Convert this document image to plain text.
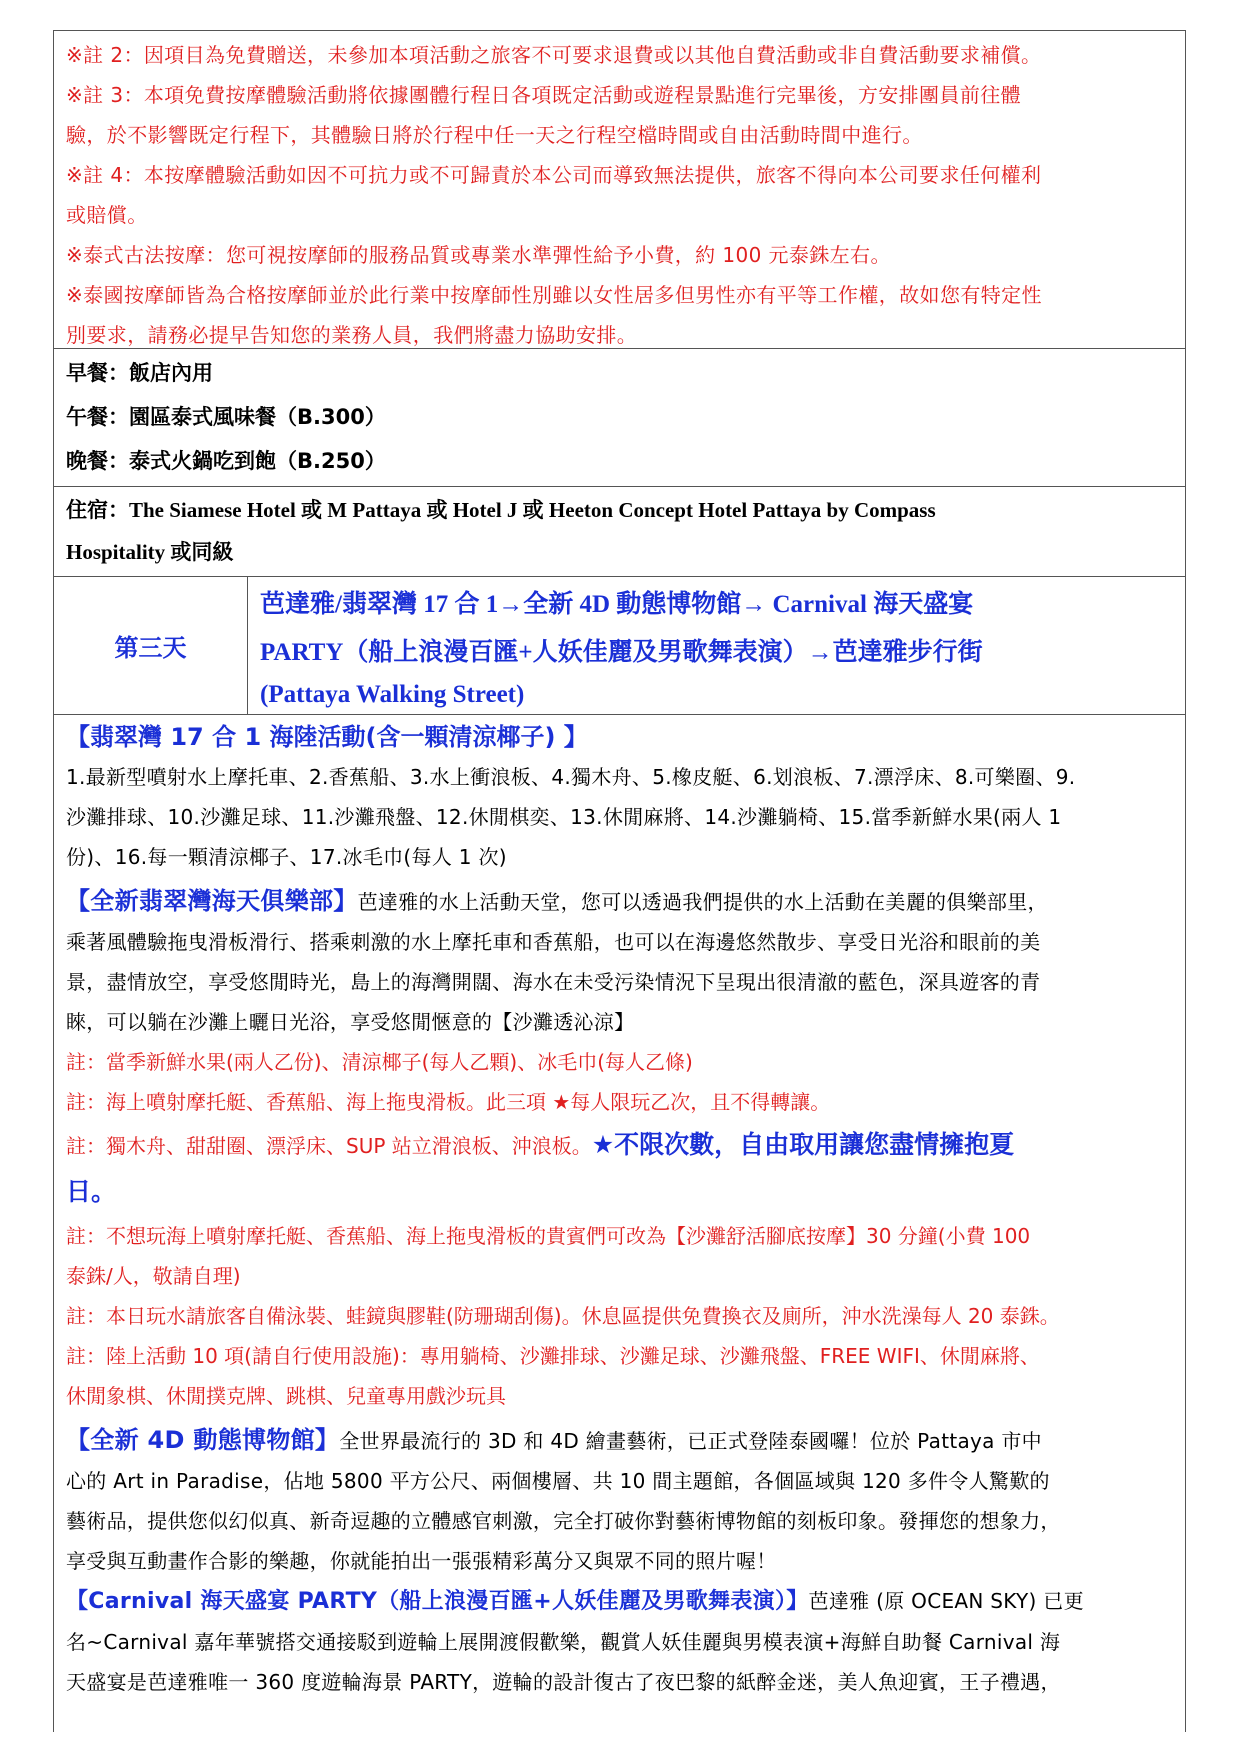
※註 2：因項目為免費贈送，未參加本項活動之旅客不可要求退費或以其他自費活動或非自費活動要求補償。

※註 3：本項免費按摩體驗活動將依據團體行程日各項既定活動或遊程景點進行完畢後，方安排團員前往體

驗，於不影響既定行程下，其體驗日將於行程中任一天之行程空檔時間或自由活動時間中進行。

※註 4：本按摩體驗活動如因不可抗力或不可歸責於本公司而導致無法提供，旅客不得向本公司要求任何權利

或賠償。

※泰式古法按摩：您可視按摩師的服務品質或專業水準彈性給予小費，約 100 元泰銖左右。

※泰國按摩師皆為合格按摩師並於此行業中按摩師性別雖以女性居多但男性亦有平等工作權，故如您有特定性

別要求，請務必提早告知您的業務人員，我們將盡力協助安排。

早餐：飯店內用

午餐：園區泰式風味餐（B.300）

晚餐：泰式火鍋吃到飽（B.250）

住宿：The Siamese Hotel 或 M Pattaya 或 Hotel J 或 Heeton Concept Hotel Pattaya by Compass

Hospitality 或同級

第三天
芭達雅/翡翠灣 17 合 1→全新 4D 動態博物館→ Carnival 海天盛宴
PARTY（船上浪漫百匯+人妖佳麗及男歌舞表演）→芭達雅步行街
(Pattaya Walking Street)

【翡翠灣 17 合 1 海陸活動(含一顆清涼椰子) 】

1.最新型噴射水上摩托車、2.香蕉船、3.水上衝浪板、4.獨木舟、5.橡皮艇、6.划浪板、7.漂浮床、8.可樂圈、9.

沙灘排球、10.沙灘足球、11.沙灘飛盤、12.休閒棋奕、13.休閒麻將、14.沙灘躺椅、15.當季新鮮水果(兩人 1

份)、16.每一顆清涼椰子、17.冰毛巾(每人 1 次)

【全新翡翠灣海天俱樂部】芭達雅的水上活動天堂，您可以透過我們提供的水上活動在美麗的俱樂部里，

乘著風體驗拖曳滑板滑行、搭乘刺激的水上摩托車和香蕉船，也可以在海邊悠然散步、享受日光浴和眼前的美

景，盡情放空，享受悠閒時光，島上的海灣開闊、海水在未受污染情況下呈現出很清澈的藍色，深具遊客的青

睞，可以躺在沙灘上曬日光浴，享受悠閒愜意的【沙灘透沁涼】

註：當季新鮮水果(兩人乙份)、清涼椰子(每人乙顆)、冰毛巾(每人乙條)

註：海上噴射摩托艇、香蕉船、海上拖曳滑板。此三項 ★每人限玩乙次，且不得轉讓。

註：獨木舟、甜甜圈、漂浮床、SUP 站立滑浪板、沖浪板。★不限次數，自由取用讓您盡情擁抱夏

日。

註：不想玩海上噴射摩托艇、香蕉船、海上拖曳滑板的貴賓們可改為【沙灘舒活腳底按摩】30 分鐘(小費 100

泰銖/人，敬請自理)

註：本日玩水請旅客自備泳裝、蛙鏡與膠鞋(防珊瑚刮傷)。休息區提供免費換衣及廁所，沖水洗澡每人 20 泰銖。

註：陸上活動 10 項(請自行使用設施)：專用躺椅、沙灘排球、沙灘足球、沙灘飛盤、FREE WIFI、休閒麻將、

休閒象棋、休閒撲克牌、跳棋、兒童專用戲沙玩具

【全新 4D 動態博物館】全世界最流行的 3D 和 4D 繪畫藝術，已正式登陸泰國囉！位於 Pattaya 市中

心的 Art in Paradise，佔地 5800 平方公尺、兩個樓層、共 10 間主題館，各個區域與 120 多件令人驚歎的

藝術品，提供您似幻似真、新奇逗趣的立體感官刺激，完全打破你對藝術博物館的刻板印象。發揮您的想象力，

享受與互動畫作合影的樂趣，你就能拍出一張張精彩萬分又與眾不同的照片喔！

【Carnival 海天盛宴 PARTY（船上浪漫百匯+人妖佳麗及男歌舞表演）】芭達雅 (原 OCEAN SKY) 已更

名~Carnival 嘉年華號搭交通接駁到遊輪上展開渡假歡樂，觀賞人妖佳麗與男模表演+海鮮自助餐 Carnival 海

天盛宴是芭達雅唯一 360 度遊輪海景 PARTY，遊輪的設計復古了夜巴黎的紙醉金迷，美人魚迎賓，王子禮遇，
